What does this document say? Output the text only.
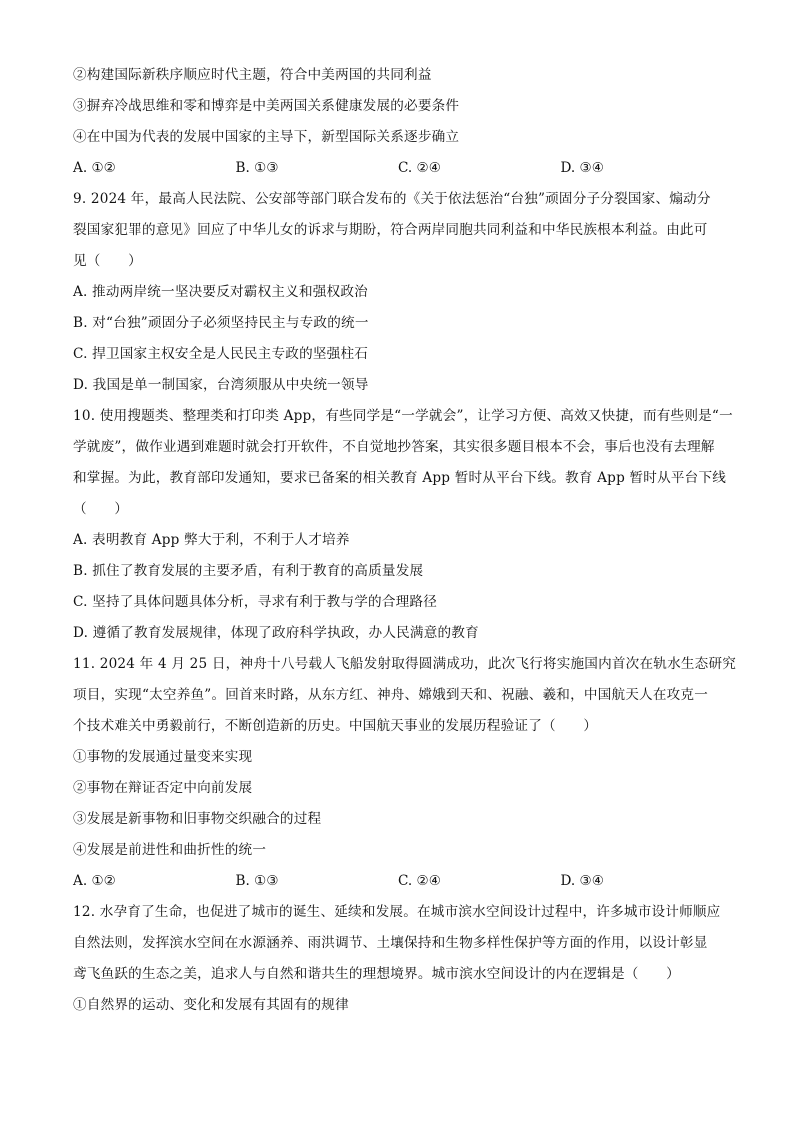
②构建国际新秩序顺应时代主题，符合中美两国的共同利益
③摒弃冷战思维和零和博弈是中美两国关系健康发展的必要条件
④在中国为代表的发展中国家的主导下，新型国际关系逐步确立
A. ①②	B. ①③	C. ②④	D. ③④
9. 2024 年，最高人民法院、公安部等部门联合发布的《关于依法惩治“台独”顽固分子分裂国家、煽动分
裂国家犯罪的意见》回应了中华儿女的诉求与期盼，符合两岸同胞共同利益和中华民族根本利益。由此可
见（　　）
A. 推动两岸统一坚决要反对霸权主义和强权政治
B. 对“台独”顽固分子必须坚持民主与专政的统一
C. 捍卫国家主权安全是人民民主专政的坚强柱石
D. 我国是单一制国家，台湾须服从中央统一领导
10. 使用搜题类、整理类和打印类 App，有些同学是“一学就会”，让学习方便、高效又快捷，而有些则是“一
学就废”，做作业遇到难题时就会打开软件，不自觉地抄答案，其实很多题目根本不会，事后也没有去理解
和掌握。为此，教育部印发通知，要求已备案的相关教育 App 暂时从平台下线。教育 App 暂时从平台下线
（　　）
A. 表明教育 App 弊大于利，不利于人才培养
B. 抓住了教育发展的主要矛盾，有利于教育的高质量发展
C. 坚持了具体问题具体分析，寻求有利于教与学的合理路径
D. 遵循了教育发展规律，体现了政府科学执政，办人民满意的教育
11. 2024 年 4 月 25 日，神舟十八号载人飞船发射取得圆满成功，此次飞行将实施国内首次在轨水生态研究
项目，实现“太空养鱼”。回首来时路，从东方红、神舟、嫦娥到天和、祝融、羲和，中国航天人在攻克一
个技术难关中勇毅前行，不断创造新的历史。中国航天事业的发展历程验证了（　　）
①事物的发展通过量变来实现
②事物在辩证否定中向前发展
③发展是新事物和旧事物交织融合的过程
④发展是前进性和曲折性的统一
A. ①②	B. ①③	C. ②④	D. ③④
12. 水孕育了生命，也促进了城市的诞生、延续和发展。在城市滨水空间设计过程中，许多城市设计师顺应
自然法则，发挥滨水空间在水源涵养、雨洪调节、土壤保持和生物多样性保护等方面的作用，以设计彰显
鸢飞鱼跃的生态之美，追求人与自然和谐共生的理想境界。城市滨水空间设计的内在逻辑是（　　）
①自然界的运动、变化和发展有其固有的规律
